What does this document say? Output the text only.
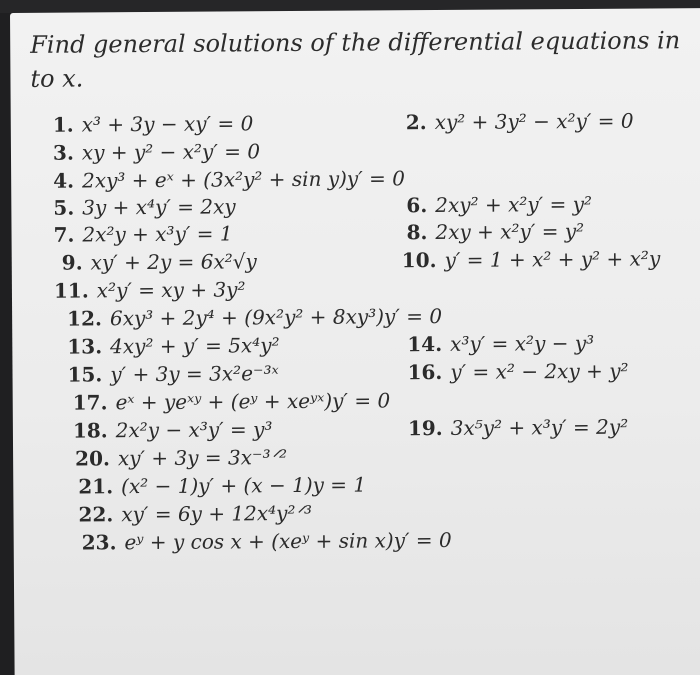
Find general solutions of the differential equations in
to x.
1. x³ + 3y − xy′ = 0	2. xy² + 3y² − x²y′ = 0
3. xy + y² − x²y′ = 0
4. 2xy³ + eˣ + (3x²y² + sin y)y′ = 0
5. 3y + x⁴y′ = 2xy	6. 2xy² + x²y′ = y²
7. 2x²y + x³y′ = 1	8. 2xy + x²y′ = y²
9. xy′ + 2y = 6x²√y	10. y′ = 1 + x² + y² + x²y
11. x²y′ = xy + 3y²
12. 6xy³ + 2y⁴ + (9x²y² + 8xy³)y′ = 0
13. 4xy² + y′ = 5x⁴y²	14. x³y′ = x²y − y³
15. y′ + 3y = 3x²e⁻³ˣ	16. y′ = x² − 2xy + y²
17. eˣ + yeˣʸ + (eʸ + xeʸˣ)y′ = 0
18. 2x²y − x³y′ = y³	19. 3x⁵y² + x³y′ = 2y²
20. xy′ + 3y = 3x⁻³ᐟ²
21. (x² − 1)y′ + (x − 1)y = 1
22. xy′ = 6y + 12x⁴y²ᐟ³
23. eʸ + y cos x + (xeʸ + sin x)y′ = 0
